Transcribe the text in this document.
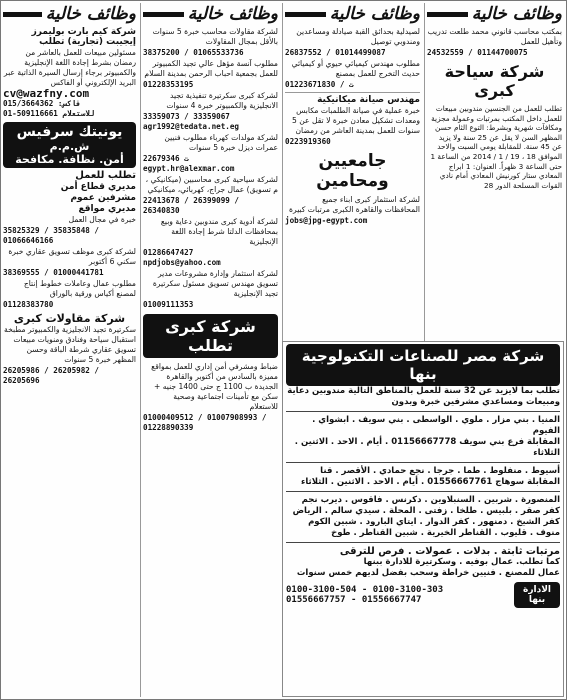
وظائف خالية
بمكتب محاسب قانوني محمد طلعت تدريب وتأهيل للعمل
24532559 / 01144700075
شركة سياحة كبرى
تطلب للعمل من الجنسين مندوبين مبيعات للعمل داخل المكتب بمرتبات وعمولة مجزية ومكافآت شهرية وبشرط: التوع الثام حسن المظهر السن لا يقل عن 25 سنة ولا يزيد عن 45 سنة. للمقابلة يومي السبت والاحد الموافق 18 ، 19 / 1 / 2014 من الساعة 1 حتى الساعة 3 ظهراً. العنوان: 1 ابراج المعادي ستار كورنيش المعادي أمام نادي القوات المسلحة الدور 28
وظائف خالية
لصيدلية بحدائق القبة صيادلة ومساعدين ومندوبي توصيل
26837552 / 01014499087
مطلوب مهندس كيميائي حيوي أو كيميائي حديث التخرج للعمل بمصنع
01223671830 / ت
مهندس صيانة ميكانيكية
خبرة عملية في صيانة الطلمبات مكابس ومعدات تشكيل معادن خبرة لا تقل عن 5 سنوات للعمل بمدينة العاشر من رمضان
0223919360
جامعيين ومحامين
لشركة استثمار كبرى ابناء جميع المحافظات والقاهرة الكبرى مرتبات كبيرة
jobs@jpg-egypt.com
وظائف خالية
لشركة مقاولات محاسب خبرة 5 سنوات بالأقل بمجال المقاولات
38375200 / 01065533736
مطلوب آنسة مؤهل عالي تجيد الكمبيوتر للعمل بجمعية احباب الرحمن بمدينة السلام
01228353195
لشركة كبرى سكرتيرة تنفيذية تجيد الانجليزية والكمبيوتر خبرة 4 سنوات
33359073 / 33359067
agr1992@tedata.net.eg
لشركة مولدات كهرباء مطلوب فنيين عمرات ديزل خبرة 5 سنوات
22679346 ت
egypt.hr@alexmar.com
لشركة سياحية كبرى محاسبين (ميكانيكي ، م تسويق) عمال جراج، كهربائي، ميكانيكي
22413678 / 26399099 / 26340830
لشركة أدوية كبرى مندوبين دعاية وبيع بمحافظات الدلتا شرط إجادة اللغة الإنجليزية
01286647427
npdjobs@yahoo.com
لشركة استثمار وإدارة مشروعات مدير تسويق مهندس تسويق مسئول سكرتيرة تجيد الإنجليزية
01009111353
شركة كبرى تطلب
ضباط ومشرفي أمن إداري للعمل بمواقع مميزة بالسادس من أكتوبر والقاهرة الجديدة ب 1100 ج حتى 1400 جنيه + سكن مع تأمينات اجتماعية وصحية للاستعلام
01000409512 / 01007908993 / 01228890339
وظائف خالية
شركة كيم بارت بوليمرز إيجيبت (تجارية) تطلب
مسئولين مبيعات للعمل بالعاشر من رمضان بشرط إجادة اللغة الإنجليزية والكمبيوتر برجاء إرسال السيرة الذاتية عبر البريد الإلكتروني أو الفاكس
cv@wazfny.com
فاكس: 015/3664362
01-509116661 للاستعلام
يونيتك سرفيس
ش.م.م
أمن. نظافة. مكافحة
تطلب للعمل
مديري قطاع أمن
مشرفين عموم
مديري مواقع
خبرة في مجال العمل
35825329 / 35835848 / 01066646166
لشركة كبرى موظف تسويق عقاري خبرة سكني 6 أكتوبر
38369555 / 01000441781
مطلوب عمال وعاملات خطوط إنتاج لمصنع أكياس ورقية بالوراق
01128383780
شركة مقاولات كبرى
سكرتيرة تجيد الانجليزية والكمبيوتر مطبخة استقبال سياحة وفنادق ومنويات مبيعات تسويق عقاري شرطة الباقة وحسن المظهر خبرة 5 سنوات
26205986 / 26205982 / 26205696
شركة مصر للصناعات التكنولوجية بنها
تطلب بما لايزيد عن 32 سنة للعمل بالمناطق التالية مندوبين دعاية ومبيعات ومساعدي مشرفين خبرة وبدون
المنيا . بني مزار . ملوي . الواسطى . بني سويف . ابشواي . الفيوم
المقابلة فرع بني سويف 01156667778 . أيام . الاحد . الاثنين . الثلاثاء
أسيوط . منفلوط . طما . جرجا . نجع حمادي . الأقصر . قنا
المقابلة سوهاج 01556667761 . أيام . الاحد . الاثنين . الثلاثاء
المنصورة . شربين . السنبلاوين . دكرنس . فاقوس . ديرب نجم
كفر صقر . بلبيس . طلخا . زفتى . المحلة . سيدي سالم . الرياض
كفر الشيخ . دمنهور . كفر الدوار . ايتاي البارود . شبين الكوم
منوف . قليوب . القناطر الخيرية . شبين القناطر . طوخ
مرتبات ثابتة . بدلات . عمولات . فرص للترقى
كما تطلب. عمال بوفيه . وسكرتيرة للادارة ببنها
عمال للمصنع . فنيين خراطة وسحب بفضل لديهم خمس سنوات
الادارة بنها
0100-3100-504 - 0100-3100-303
01556667757 - 01556667747
